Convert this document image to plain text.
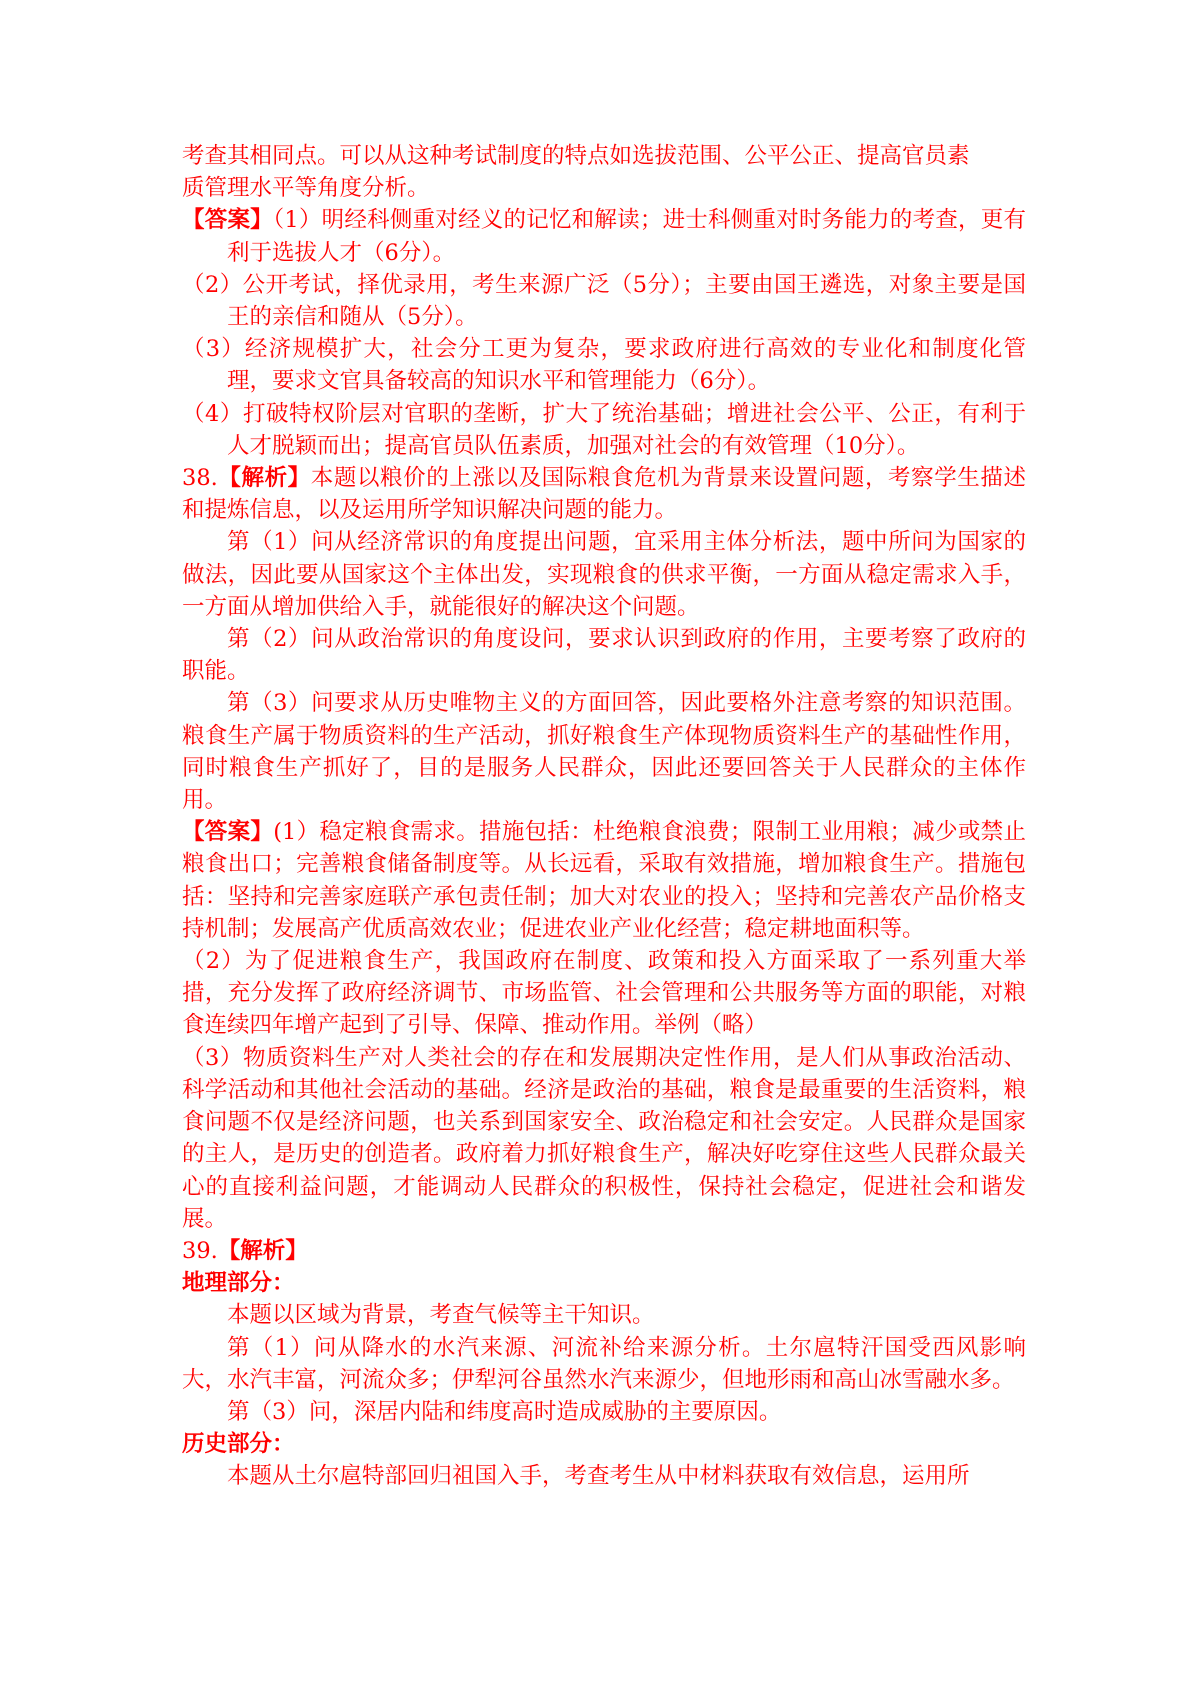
考查其相同点。可以从这种考试制度的特点如选拔范围、公平公正、提高官员素

质管理水平等角度分析。

【答案】（1）明经科侧重对经义的记忆和解读；进士科侧重对时务能力的考查，更有利于选拔人才（6分）。

（2）公开考试，择优录用，考生来源广泛（5分）；主要由国王遴选，对象主要是国王的亲信和随从（5分）。

（3）经济规模扩大，社会分工更为复杂，要求政府进行高效的专业化和制度化管理，要求文官具备较高的知识水平和管理能力（6分）。

（4）打破特权阶层对官职的垄断，扩大了统治基础；增进社会公平、公正，有利于人才脱颖而出；提高官员队伍素质，加强对社会的有效管理（10分）。

38.【解析】本题以粮价的上涨以及国际粮食危机为背景来设置问题，考察学生描述和提炼信息，以及运用所学知识解决问题的能力。

第（1）问从经济常识的角度提出问题，宜采用主体分析法，题中所问为国家的做法，因此要从国家这个主体出发，实现粮食的供求平衡，一方面从稳定需求入手，一方面从增加供给入手，就能很好的解决这个问题。

第（2）问从政治常识的角度设问，要求认识到政府的作用，主要考察了政府的职能。

第（3）问要求从历史唯物主义的方面回答，因此要格外注意考察的知识范围。粮食生产属于物质资料的生产活动，抓好粮食生产体现物质资料生产的基础性作用，同时粮食生产抓好了，目的是服务人民群众，因此还要回答关于人民群众的主体作用。

【答案】(1）稳定粮食需求。措施包括：杜绝粮食浪费；限制工业用粮；减少或禁止粮食出口；完善粮食储备制度等。从长远看，采取有效措施，增加粮食生产。措施包括：坚持和完善家庭联产承包责任制；加大对农业的投入；坚持和完善农产品价格支持机制；发展高产优质高效农业；促进农业产业化经营；稳定耕地面积等。

（2）为了促进粮食生产，我国政府在制度、政策和投入方面采取了一系列重大举措，充分发挥了政府经济调节、市场监管、社会管理和公共服务等方面的职能，对粮食连续四年增产起到了引导、保障、推动作用。举例（略）

（3）物质资料生产对人类社会的存在和发展期决定性作用，是人们从事政治活动、科学活动和其他社会活动的基础。经济是政治的基础，粮食是最重要的生活资料，粮食问题不仅是经济问题，也关系到国家安全、政治稳定和社会安定。人民群众是国家的主人，是历史的创造者。政府着力抓好粮食生产，解决好吃穿住这些人民群众最关心的直接利益问题，才能调动人民群众的积极性，保持社会稳定，促进社会和谐发展。

39.【解析】

地理部分：

本题以区域为背景，考查气候等主干知识。

第（1）问从降水的水汽来源、河流补给来源分析。土尔扈特汗国受西风影响大，水汽丰富，河流众多；伊犁河谷虽然水汽来源少，但地形雨和高山冰雪融水多。

第（3）问，深居内陆和纬度高时造成威胁的主要原因。

历史部分：

本题从土尔扈特部回归祖国入手，考查考生从中材料获取有效信息，运用所
